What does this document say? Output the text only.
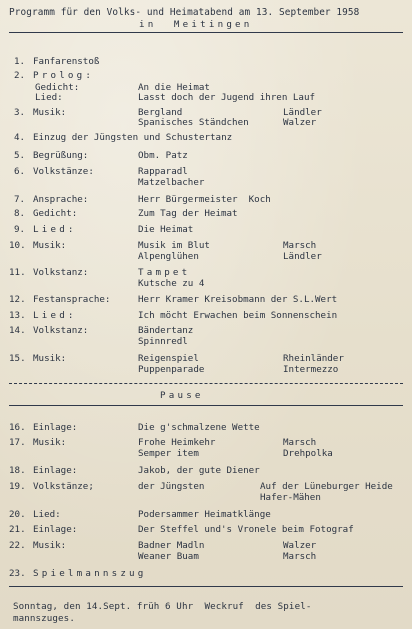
Programm für den Volks- und Heimatabend am 13. September 1958
in  Meitingen
1. Fanfarenstoß
2. Prolog:
Gedicht:	An die Heimat
Lied:	Lasst doch der Jugend ihren Lauf
3. Musik:	Bergland	Ländler
Spanisches Ständchen	Walzer
4. Einzug der Jüngsten und Schustertanz
5. Begrüßung:	Obm. Patz
6. Volkstänze:	Rapparadl
Matzelbacher
7. Ansprache:	Herr Bürgermeister  Koch
8. Gedicht:	Zum Tag der Heimat
9. Lied:	Die Heimat
10. Musik:	Musik im Blut	Marsch
Alpenglühen	Ländler
11. Volkstanz:	Tampet
Kutsche zu 4
12. Festansprache:	Herr Kramer Kreisobmann der S.L.Wert
13. Lied:	Ich möcht Erwachen beim Sonnenschein
14. Volkstanz:	Bändertanz
Spinnredl
15. Musik:	Reigenspiel	Rheinländer
Puppenparade	Intermezzo
Pause
16. Einlage:	Die g'schmalzene Wette
17. Musik:	Frohe Heimkehr	Marsch
Semper item	Drehpolka
18. Einlage:	Jakob, der gute Diener
19. Volkstänze;	der Jüngsten	Auf der Lüneburger Heide
Hafer-Mähen
20. Lied:	Podersammer Heimatklänge
21. Einlage:	Der Steffel und's Vronele beim Fotograf
22. Musik:	Badner Madln	Walzer
Weaner Buam	Marsch
23. Spielmannszug
Sonntag, den 14.Sept. früh 6 Uhr  Weckruf  des Spiel-
mannszuges.
